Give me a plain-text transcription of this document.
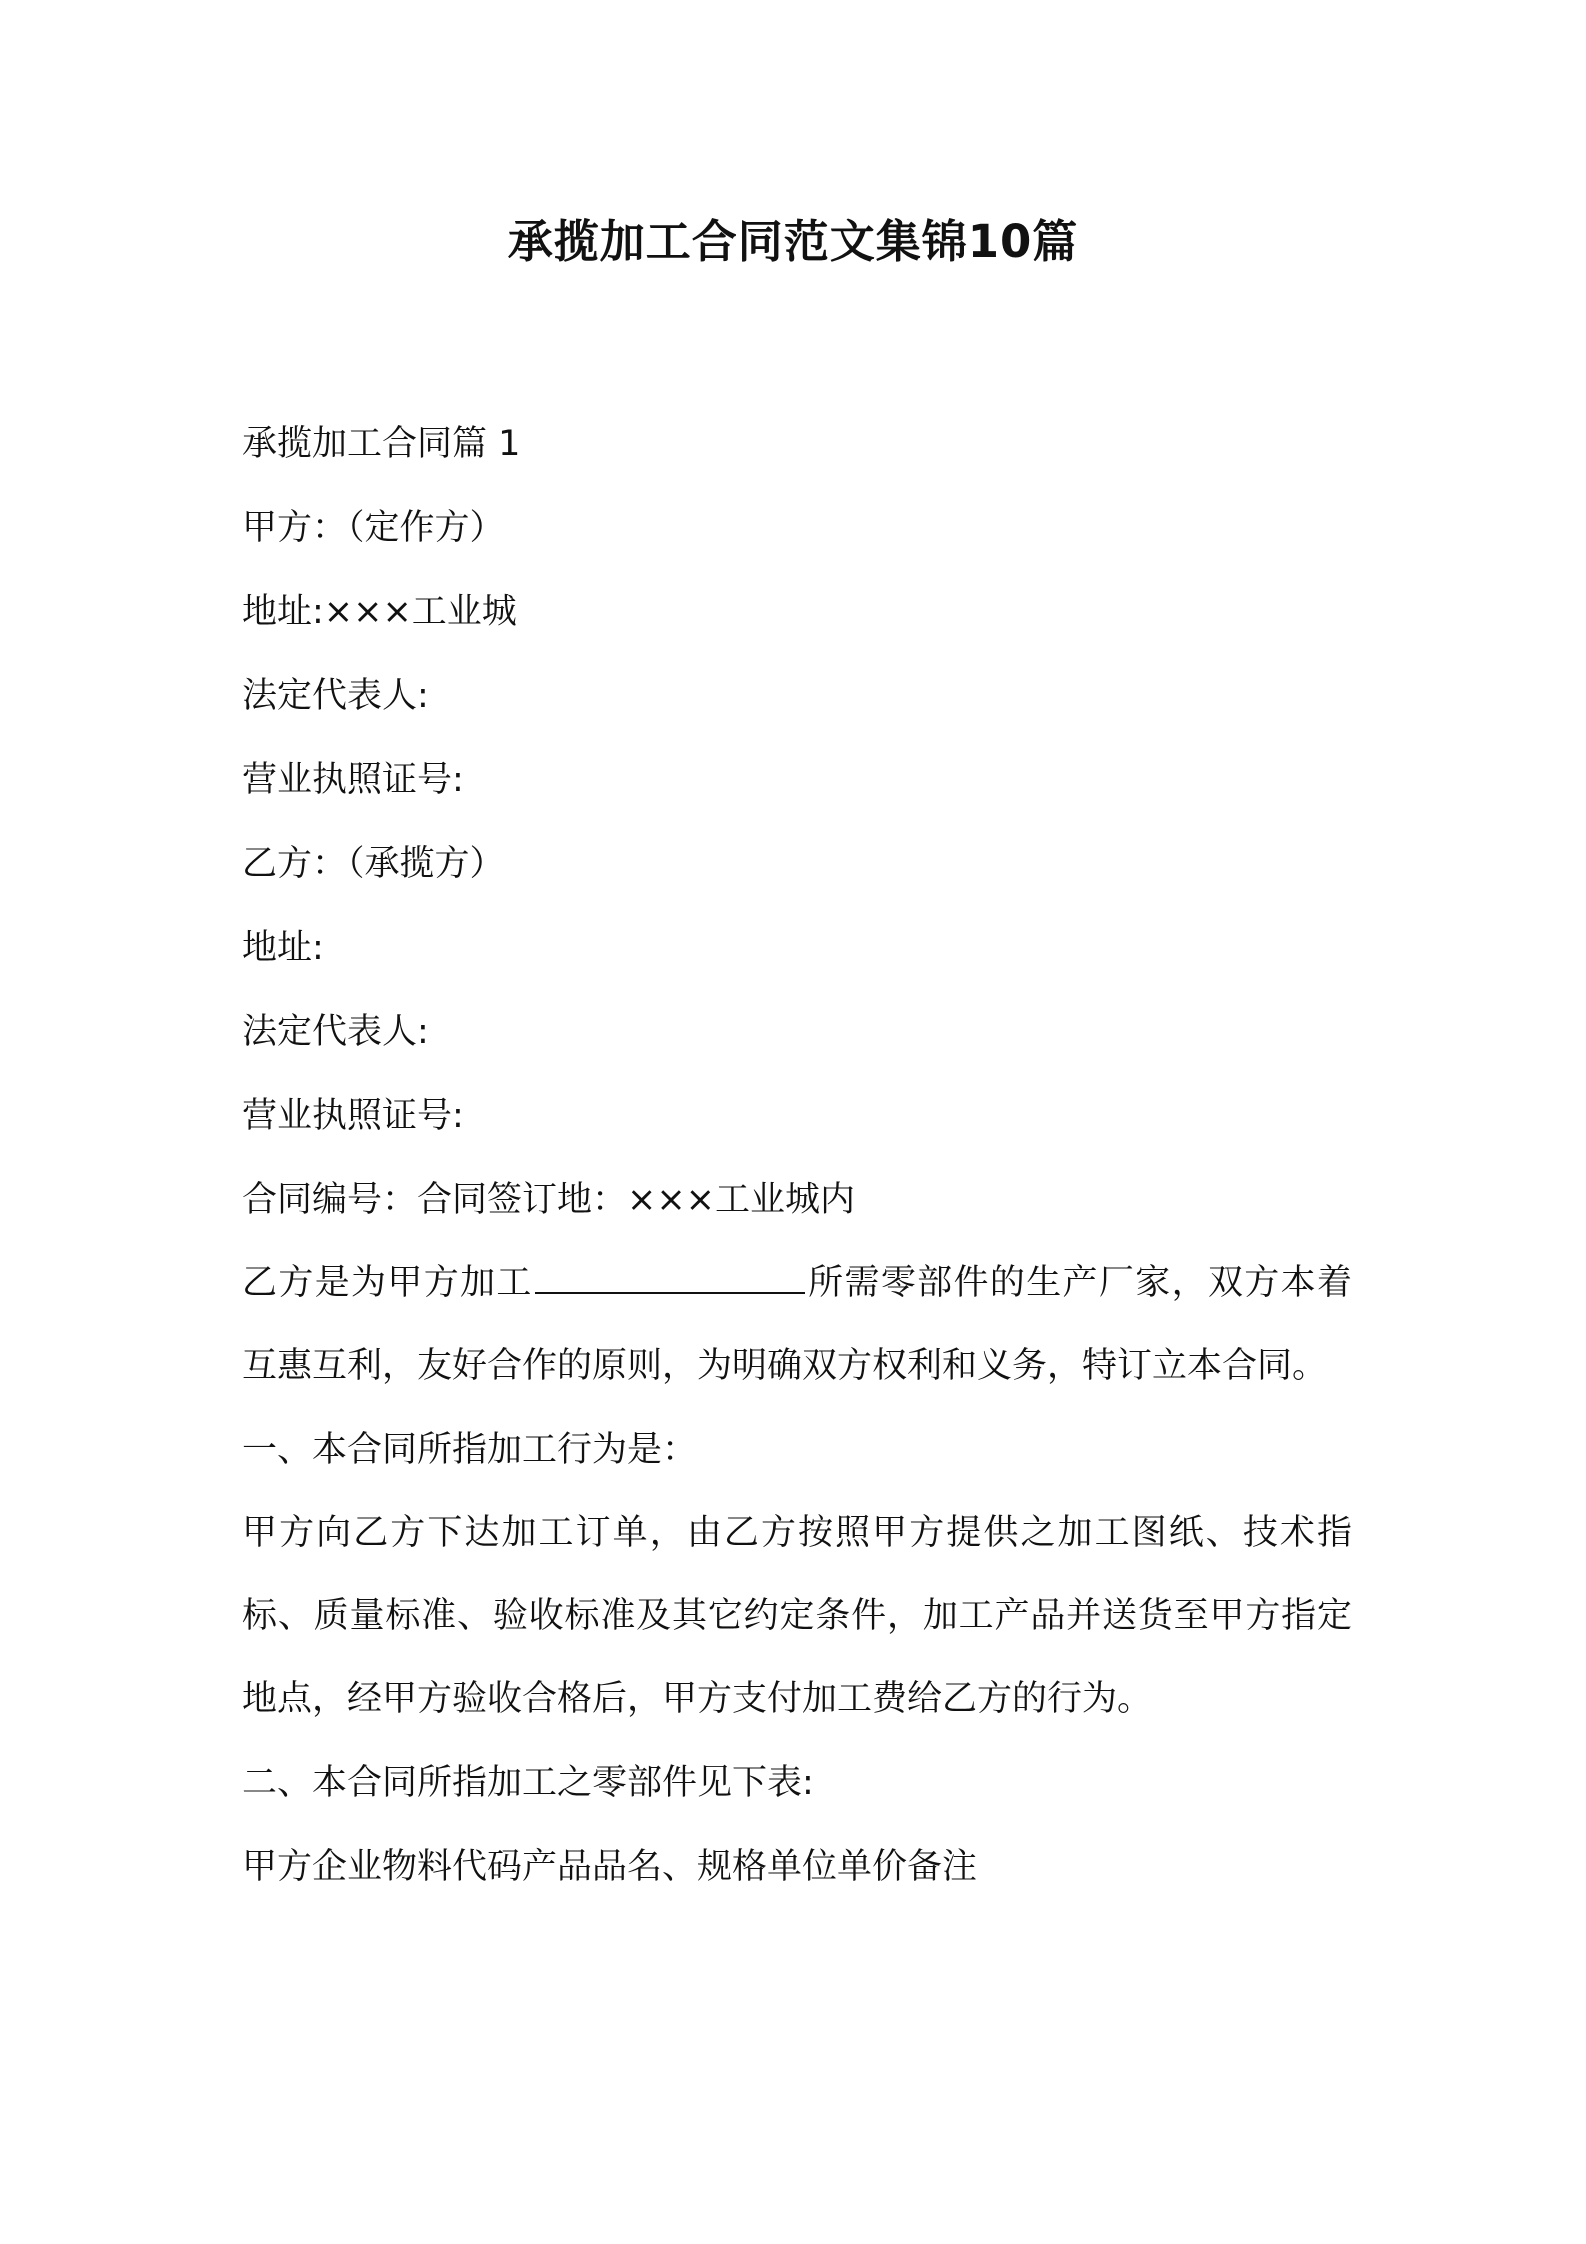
承揽加工合同范文集锦10篇
承揽加工合同篇 1
甲方：（定作方）
地址:×××工业城
法定代表人:
营业执照证号:
乙方：（承揽方）
地址:
法定代表人:
营业执照证号:
合同编号：合同签订地：×××工业城内
乙方是为甲方加工	所需零部件的生产厂家，双方本着互惠互利，友好合作的原则，为明确双方权利和义务，特订立本合同。
一、本合同所指加工行为是：
甲方向乙方下达加工订单，由乙方按照甲方提供之加工图纸、技术指标、质量标准、验收标准及其它约定条件，加工产品并送货至甲方指定地点，经甲方验收合格后，甲方支付加工费给乙方的行为。
二、本合同所指加工之零部件见下表:
甲方企业物料代码产品品名、规格单位单价备注
